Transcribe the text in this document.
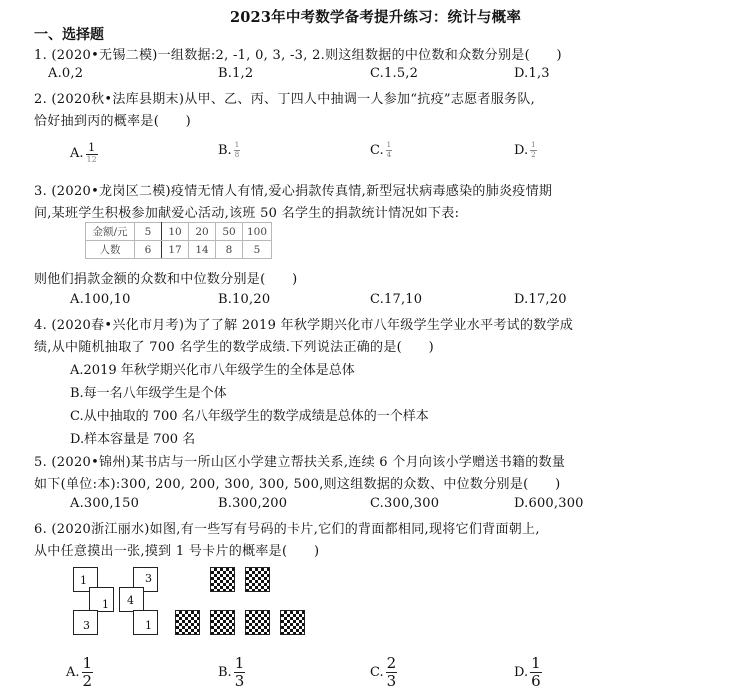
2023年中考数学备考提升练习：统计与概率
一、选择题
1. (2020•无锡二模)一组数据:2, -1, 0, 3, -3, 2.则这组数据的中位数和众数分别是(　　)
A.0,2	B.1,2	C.1.5,2	D.1,3
2. (2020秋•法库县期末)从甲、乙、丙、丁四人中抽调一人参加“抗疫”志愿者服务队,
恰好抽到丙的概率是(　　)
A. $\frac{1}{12}$	B. $\frac{1}{8}$	C. $\frac{1}{4}$	D. $\frac{1}{2}$
3. (2020•龙岗区二模)疫情无情人有情,爱心捐款传真情,新型冠状病毒感染的肺炎疫情期
间,某班学生积极参加献爱心活动,该班 50 名学生的捐款统计情况如下表:
金额/元	5	10	20	50	100
人数	6	17	14	8	5
则他们捐款金额的众数和中位数分别是(　　)
A.100,10	B.10,20	C.17,10	D.17,20
4. (2020春•兴化市月考)为了了解 2019 年秋学期兴化市八年级学生学业水平考试的数学成
绩,从中随机抽取了 700 名学生的数学成绩.下列说法正确的是(　　)
A.2019 年秋学期兴化市八年级学生的全体是总体
B.每一名八年级学生是个体
C.从中抽取的 700 名八年级学生的数学成绩是总体的一个样本
D.样本容量是 700 名
5. (2020•锦州)某书店与一所山区小学建立帮扶关系,连续 6 个月向该小学赠送书籍的数量
如下(单位:本):300, 200, 200, 300, 300, 500,则这组数据的众数、中位数分别是(　　)
A.300,150	B.300,200	C.300,300	D.600,300
6. (2020浙江丽水)如图,有一些写有号码的卡片,它们的背面都相同,现将它们背面朝上,
从中任意摸出一张,摸到 1 号卡片的概率是(　　)
1
1
3
3
4
1
A. $\frac{1}{2}$	B. $\frac{1}{3}$	C. $\frac{2}{3}$	D. $\frac{1}{6}$
